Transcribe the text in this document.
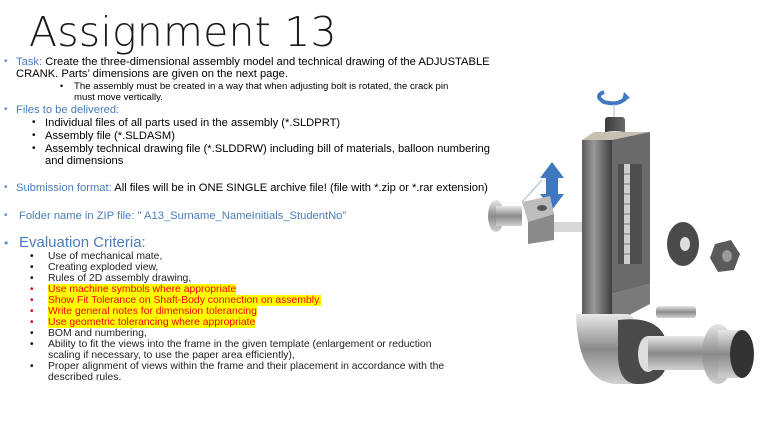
Assignment 13
• Task: Create the three-dimensional assembly model and technical drawing of the ADJUSTABLE
CRANK. Parts’ dimensions are given on the next page.
• The assembly must be created in a way that when adjusting bolt is rotated, the crack pin
must move vertically.
• Files to be delivered:
• Individual files of all parts used in the assembly (*.SLDPRT)
• Assembly file (*.SLDASM)
• Assembly technical drawing file (*.SLDDRW) including bill of materials, balloon numbering
and dimensions
• Submission format: All files will be in ONE SINGLE archive file! (file with *.zip or *.rar extension)
• Folder name in ZIP file: " A13_Surname_NameInitials_StudentNo”
• Evaluation Criteria:
• Use of mechanical mate,
• Creating exploded view,
• Rules of 2D assembly drawing,
• Use machine symbols where appropriate
• Show Fit Tolerance on Shaft-Body connection on assembly.
• Write general notes for dimension tolerancing
• Use geometric tolerancing where appropriate
• BOM and numbering,
• Ability to fit the views into the frame in the given template (enlargement or reduction
scaling if necessary, to use the paper area efficiently),
• Proper alignment of views within the frame and their placement in accordance with the
described rules.
